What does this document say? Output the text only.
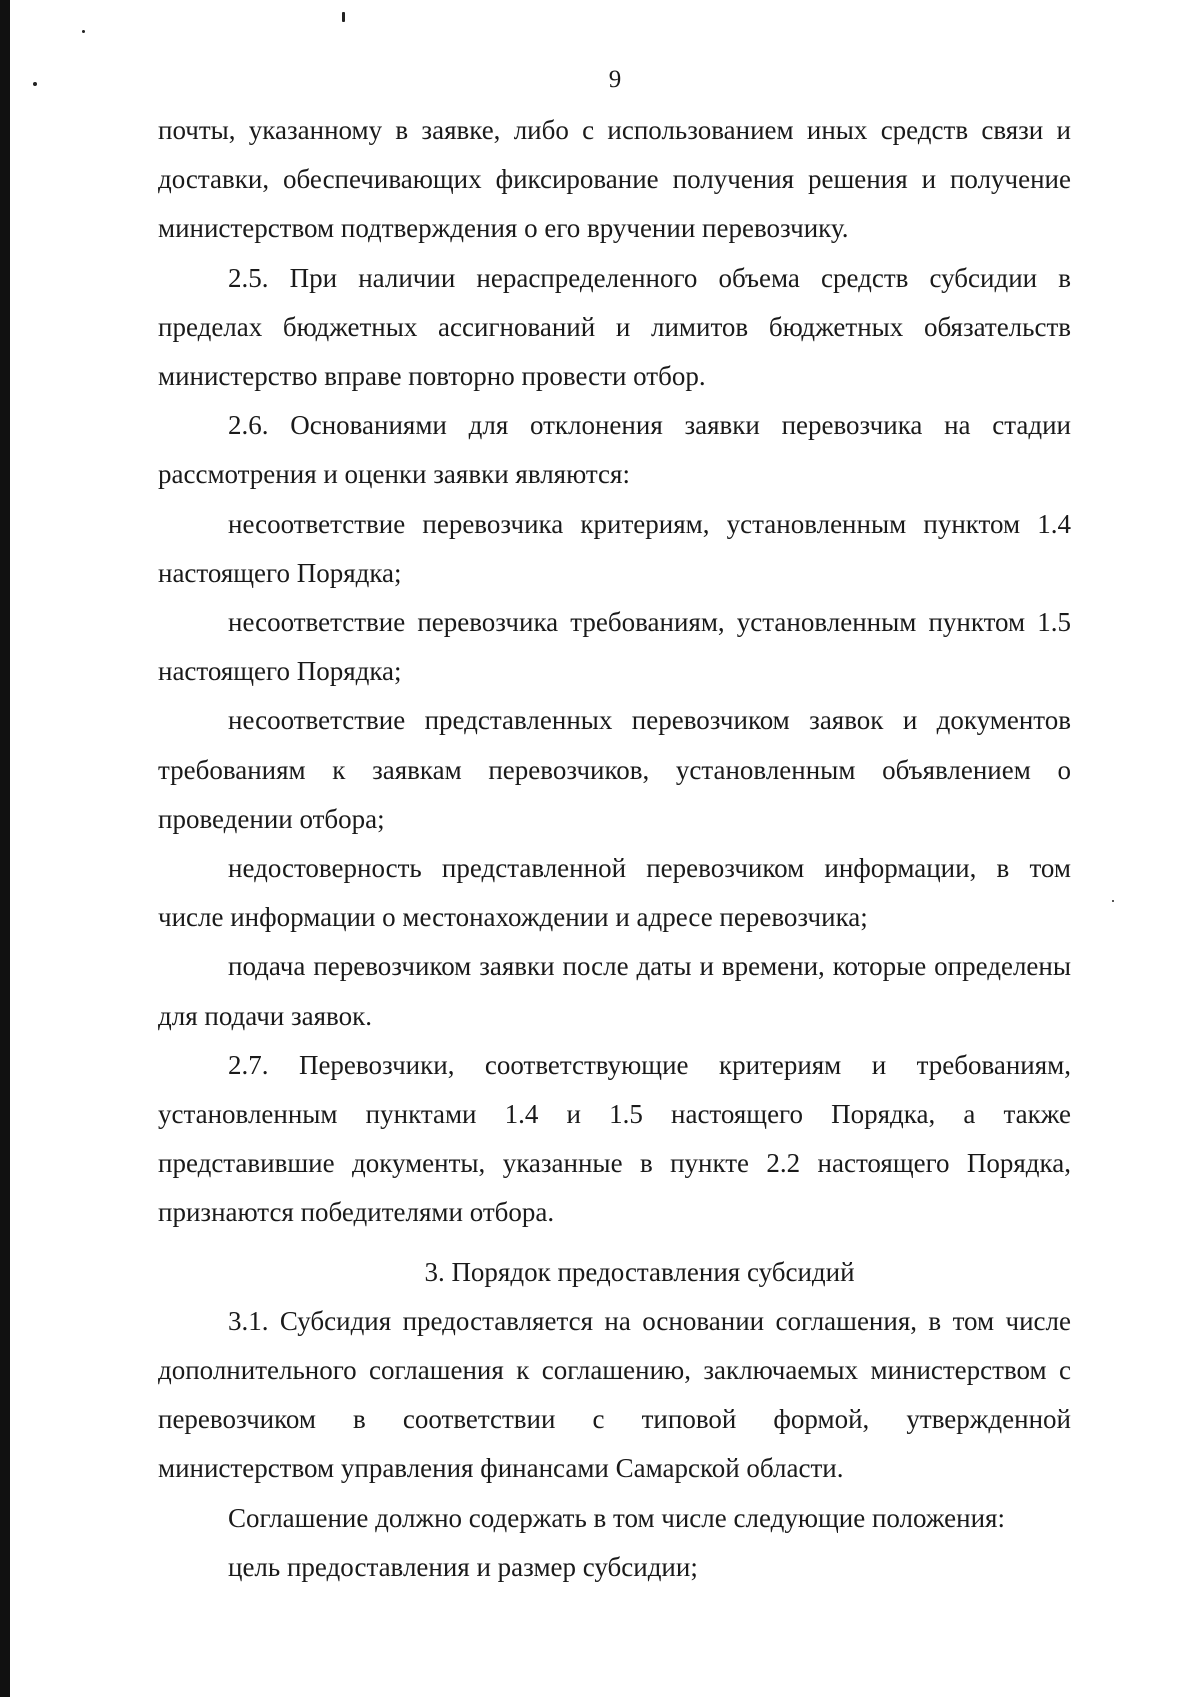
9

почты, указанному в заявке, либо с использованием иных средств связи и доставки, обеспечивающих фиксирование получения решения и получение министерством подтверждения о его вручении перевозчику.

2.5. При наличии нераспределенного объема средств субсидии в пределах бюджетных ассигнований и лимитов бюджетных обязательств министерство вправе повторно провести отбор.

2.6. Основаниями для отклонения заявки перевозчика на стадии рассмотрения и оценки заявки являются:

несоответствие перевозчика критериям, установленным пунктом 1.4 настоящего Порядка;

несоответствие перевозчика требованиям, установленным пунктом 1.5 настоящего Порядка;

несоответствие представленных перевозчиком заявок и документов требованиям к заявкам перевозчиков, установленным объявлением о проведении отбора;

недостоверность представленной перевозчиком информации, в том числе информации о местонахождении и адресе перевозчика;

подача перевозчиком заявки после даты и времени, которые определены для подачи заявок.

2.7. Перевозчики, соответствующие критериям и требованиям, установленным пунктами 1.4 и 1.5 настоящего Порядка, а также представившие документы, указанные в пункте 2.2 настоящего Порядка, признаются победителями отбора.

3. Порядок предоставления субсидий

3.1. Субсидия предоставляется на основании соглашения, в том числе дополнительного соглашения к соглашению, заключаемых министерством с перевозчиком в соответствии с типовой формой, утвержденной министерством управления финансами Самарской области.

Соглашение должно содержать в том числе следующие положения:

цель предоставления и размер субсидии;
